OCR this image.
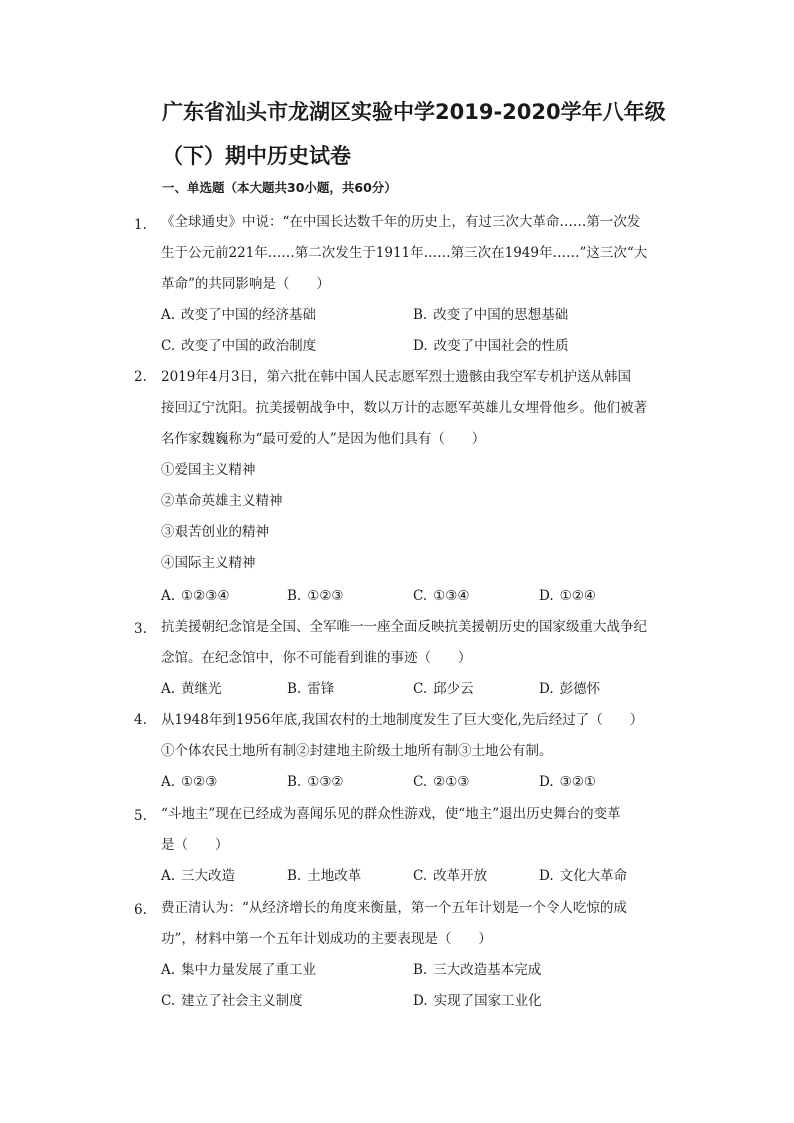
广东省汕头市龙湖区实验中学2019-2020学年八年级
（下）期中历史试卷

一、单选题（本大题共30小题，共60分）

1. 《全球通史》中说：“在中国长达数千年的历史上，有过三次大革命……第一次发
生于公元前221年……第二次发生于1911年……第三次在1949年……”这三次“大
革命”的共同影响是（　　）
A. 改变了中国的经济基础	B. 改变了中国的思想基础
C. 改变了中国的政治制度	D. 改变了中国社会的性质
2. 2019年4月3日，第六批在韩中国人民志愿军烈士遗骸由我空军专机护送从韩国
接回辽宁沈阳。抗美援朝战争中，数以万计的志愿军英雄儿女埋骨他乡。他们被著
名作家魏巍称为“最可爱的人”是因为他们具有（　　）
①爱国主义精神
②革命英雄主义精神
③艰苦创业的精神
④国际主义精神
A. ①②③④	B. ①②③	C. ①③④	D. ①②④
3. 抗美援朝纪念馆是全国、全军唯一一座全面反映抗美援朝历史的国家级重大战争纪
念馆。在纪念馆中，你不可能看到谁的事迹（　　）
A. 黄继光	B. 雷锋	C. 邱少云	D. 彭德怀
4. 从1948年到1956年底,我国农村的土地制度发生了巨大变化,先后经过了（　　）
①个体农民土地所有制②封建地主阶级土地所有制③土地公有制。
A. ①②③	B. ①③②	C. ②①③	D. ③②①
5. “斗地主”现在已经成为喜闻乐见的群众性游戏，使“地主”退出历史舞台的变革
是（　　）
A. 三大改造	B. 土地改革	C. 改革开放	D. 文化大革命
6. 费正清认为：“从经济增长的角度来衡量，第一个五年计划是一个令人吃惊的成
功”，材料中第一个五年计划成功的主要表现是（　　）
A. 集中力量发展了重工业	B. 三大改造基本完成
C. 建立了社会主义制度	D. 实现了国家工业化
